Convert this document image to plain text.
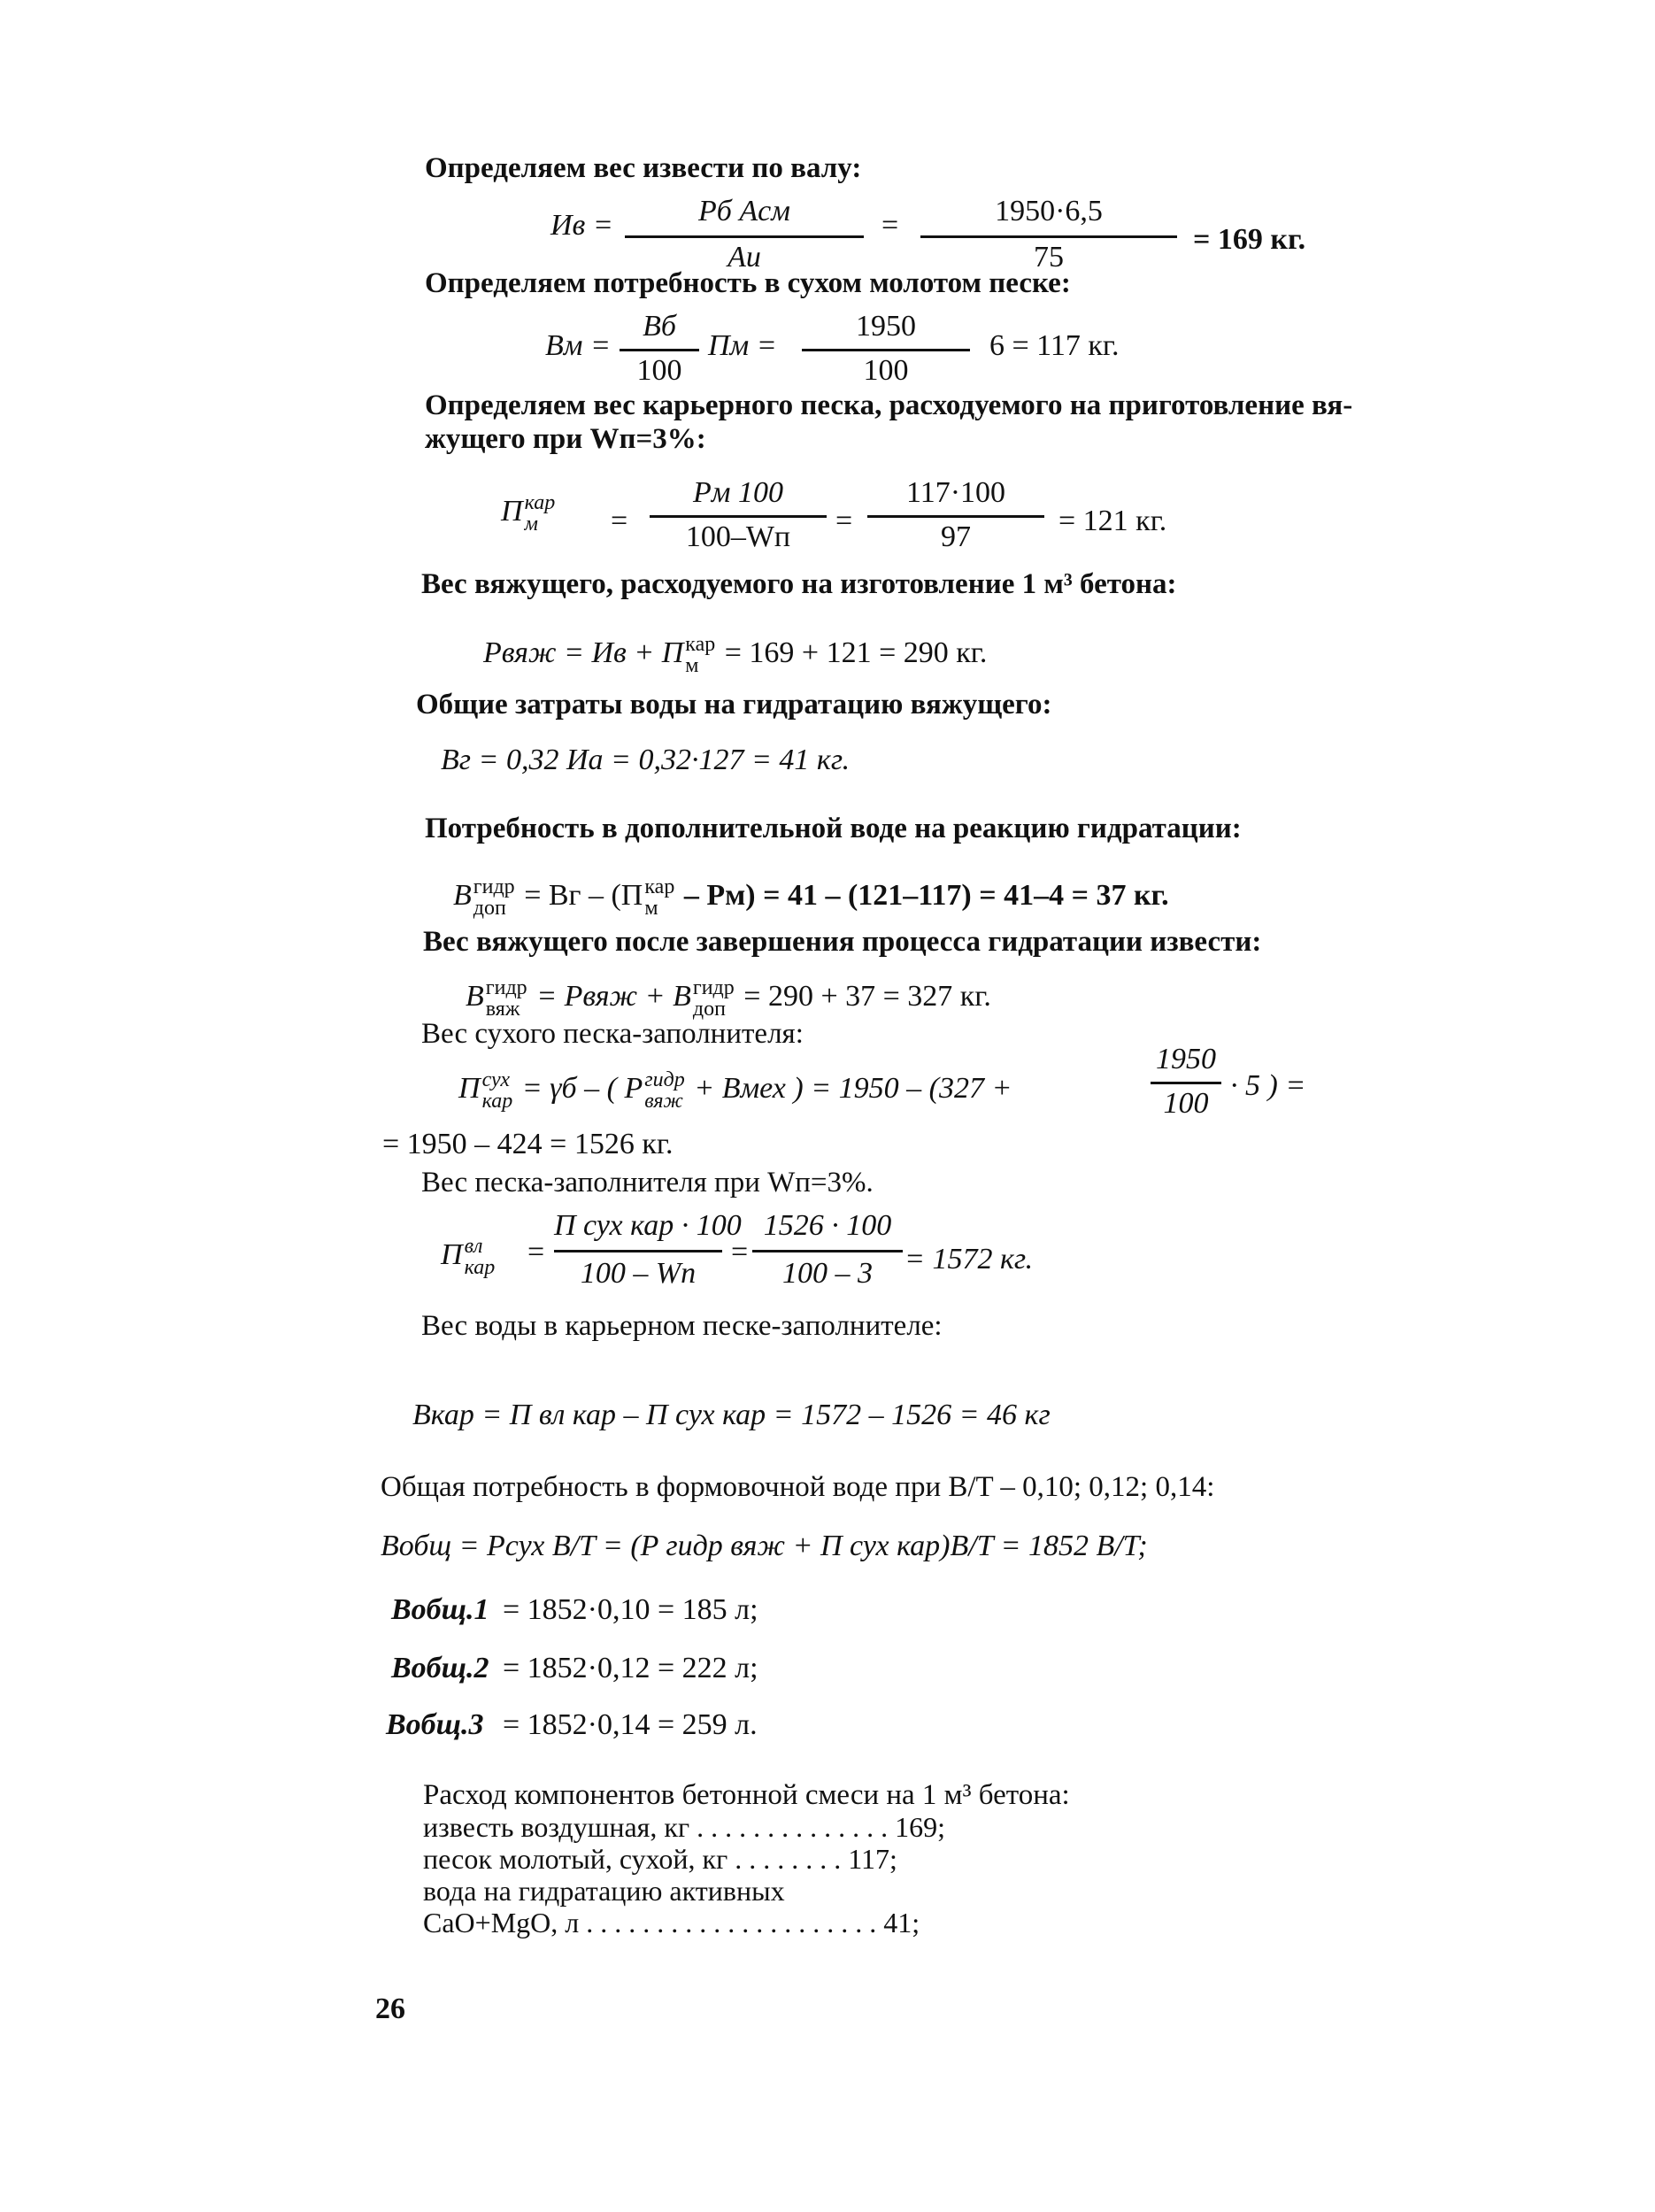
Определяем вес извести по валу:
Ив =	Pб Aсм
Aи
=	1950·6,5
75
= 169 кг.
Определяем потребность в сухом молотом песке:
Bм =
Bб
100
Пм =
1950
100
6 = 117 кг.
Определяем вес карьерного песка, расходуемого на приготовление вя-
жущего при Wп=3%:
П кар
м	=
Pм 100
100–Wп	=
117·100
97	= 121 кг.
Вес вяжущего, расходуемого на изготовление 1 м³ бетона:
Pвяж = Ив + П кар
м = 169 + 121 = 290 кг.
Общие затраты воды на гидратацию вяжущего:
Bг = 0,32 Иа = 0,32·127 = 41 кг.
Потребность в дополнительной воде на реакцию гидратации:
B гидр
доп = Bг – (П кар
м – Pм) = 41 – (121–117) = 41–4 = 37 кг.
Вес вяжущего после завершения процесса гидратации извести:
B гидр
вяж = Pвяж + B гидр
доп = 290 + 37 = 327 кг.
Вес сухого песка-заполнителя:
П сух
кар = γб – ( P гидр
вяж + Bмех ) = 1950 – (327 +
1950
100
· 5 ) =
= 1950 – 424 = 1526 кг.
Вес песка-заполнителя при Wп=3%.
П вл
кар =
П сух кар · 100
100 – Wп
=
1526 · 100
100 – 3	= 1572 кг.
Вес воды в карьерном песке-заполнителе:
Bкар = П вл кар – П сух кар = 1572 – 1526 = 46 кг
Общая потребность в формовочной воде при B/T – 0,10; 0,12; 0,14:
Bобщ = Pсух B/T = (P гидр вяж + П сух кар)B/T = 1852 B/T;
Bобщ.1 = 1852·0,10 = 185 л;
Bобщ.2 = 1852·0,12 = 222 л;
Bобщ.3 = 1852·0,14 = 259 л.
Расход компонентов бетонной смеси на 1 м³ бетона:
известь воздушная, кг . . . . . . . . . . . . . . 169;
песок молотый, сухой, кг . . . . . . . . 117;
вода на гидратацию активных
CaO+MgO, л . . . . . . . . . . . . . . . . . . . . . 41;
26
